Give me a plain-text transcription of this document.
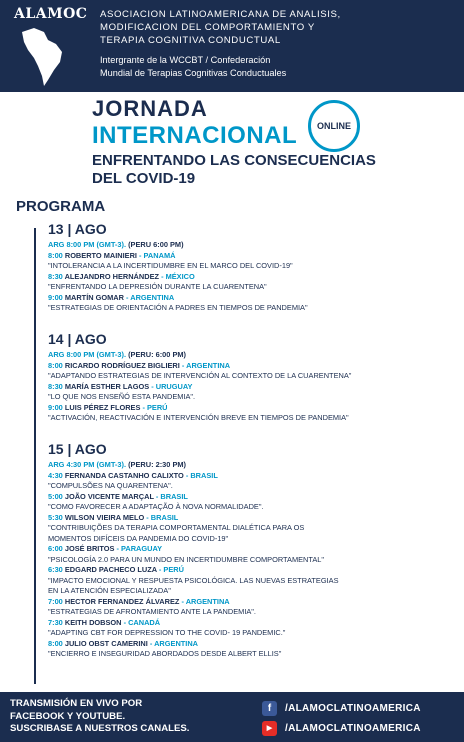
ALAMOC ASOCIACION LATINOAMERICANA DE ANALISIS,
MODIFICACION DEL COMPORTAMIENTO Y
TERAPIA COGNITIVA CONDUCTUAL
Intergrante de la WCCBT / Confederación
Mundial de Terapias Cognitivas Conductuales
JORNADA
INTERNACIONAL ONLINE
ENFRENTANDO LAS CONSECUENCIAS
DEL COVID-19
PROGRAMA
13 | AGO
ARG 8:00 PM (GMT-3). (PERU 6:00 PM)
8:00 ROBERTO MAINIERI - PANAMÁ
"INTOLERANCIA A LA INCERTIDUMBRE EN EL MARCO DEL COVID-19"
8:30 ALEJANDRO HERNÁNDEZ - MÉXICO
"ENFRENTANDO LA DEPRESIÓN DURANTE LA CUARENTENA"
9:00 MARTÍN GOMAR - ARGENTINA
"ESTRATEGIAS DE ORIENTACIÓN A PADRES EN TIEMPOS DE PANDEMIA"
14 | AGO
ARG 8:00 PM (GMT-3). (PERU: 6:00 PM)
8:00 RICARDO RODRÍGUEZ BIGLIERI - ARGENTINA
"ADAPTANDO ESTRATEGIAS DE INTERVENCIÓN AL CONTEXTO DE LA CUARENTENA"
8:30 MARÍA ESTHER LAGOS - URUGUAY
"LO QUE NOS ENSEÑÓ ESTA PANDEMIA".
9:00 LUIS PÉREZ FLORES - PERÚ
"ACTIVACIÓN, REACTIVACIÓN E INTERVENCIÓN BREVE EN TIEMPOS DE PANDEMIA"
15 | AGO
ARG 4:30 PM (GMT-3). (PERU: 2:30 PM)
4:30 FERNANDA CASTANHO CALIXTO - BRASIL
"COMPULSÕES NA QUARENTENA".
5:00 JOÃO VICENTE MARÇAL - BRASIL
"COMO FAVORECER A ADAPTAÇÃO À NOVA NORMALIDADE".
5:30 WILSON VIEIRA MELO - BRASIL
"CONTRIBUIÇÕES DA TERAPIA COMPORTAMENTAL DIALÉTICA PARA OS
MOMENTOS DIFÍCEIS DA PANDEMIA DO COVID-19"
6:00 JOSÉ BRITOS - PARAGUAY
"PSICOLOGÍA 2.0 PARA UN MUNDO EN INCERTIDUMBRE COMPORTAMENTAL"
6:30 EDGARD PACHECO LUZA - PERÚ
"IMPACTO EMOCIONAL Y RESPUESTA PSICOLÓGICA. LAS NUEVAS ESTRATEGIAS
EN LA ATENCIÓN ESPECIALIZADA"
7:00 HECTOR FERNANDEZ ÁLVAREZ - ARGENTINA
"ESTRATEGIAS DE AFRONTAMIENTO ANTE LA PANDEMIA".
7:30 KEITH DOBSON - CANADÁ
"ADAPTING CBT FOR DEPRESSION TO THE COVID- 19 PANDEMIC."
8:00 JULIO OBST CAMERINI - ARGENTINA
"ENCIERRO E INSEGURIDAD ABORDADOS DESDE ALBERT ELLIS"
TRANSMISIÓN EN VIVO POR
FACEBOOK Y YOUTUBE.
SUSCRIBASE A NUESTROS CANALES.
f	/ALAMOCLATINOAMERICA
▶	/ALAMOCLATINOAMERICA
